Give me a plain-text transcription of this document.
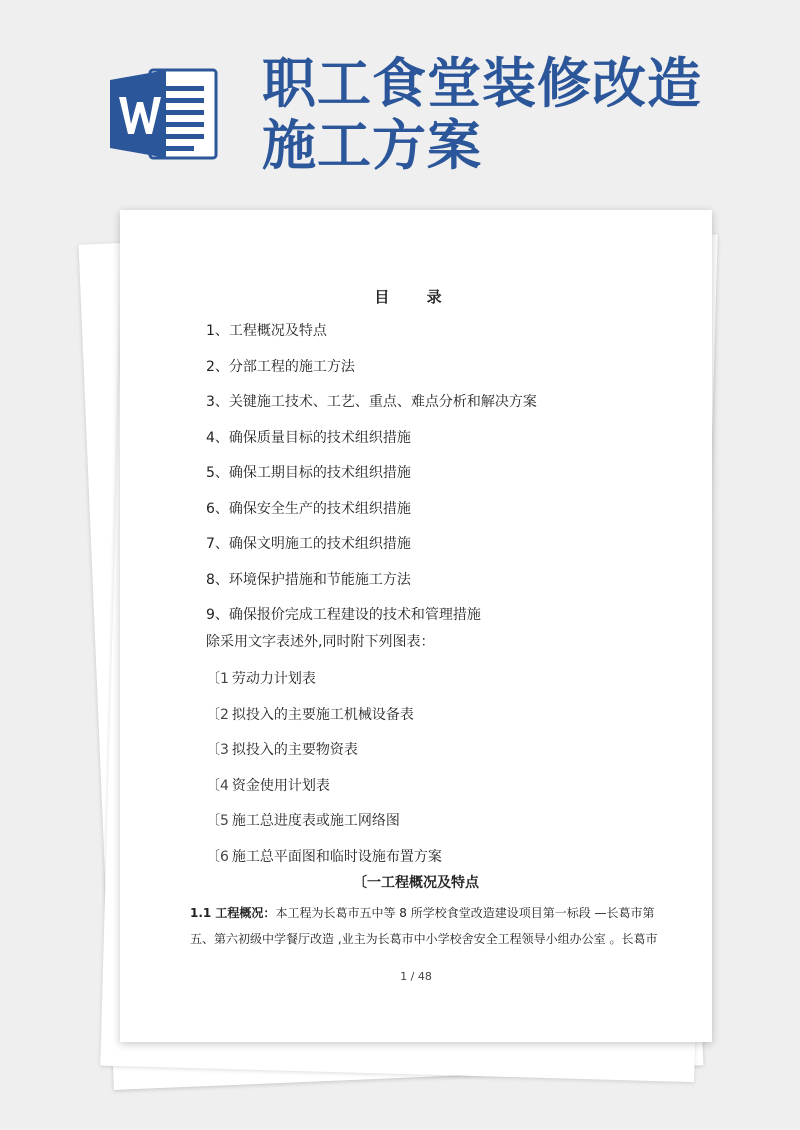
职工食堂装修改造
施工方案
目 录
1、工程概况及特点
2、分部工程的施工方法
3、关键施工技术、工艺、重点、难点分析和解决方案
4、确保质量目标的技术组织措施
5、确保工期目标的技术组织措施
6、确保安全生产的技术组织措施
7、确保文明施工的技术组织措施
8、环境保护措施和节能施工方法
9、确保报价完成工程建设的技术和管理措施
除采用文字表述外,同时附下列图表：
〔1 劳动力计划表
〔2 拟投入的主要施工机械设备表
〔3 拟投入的主要物资表
〔4 资金使用计划表
〔5 施工总进度表或施工网络图
〔6 施工总平面图和临时设施布置方案
〔一工程概况及特点

1.1 工程概况：本工程为长葛市五中等 8 所学校食堂改造建设项目第一标段 —长葛市第五、第六初级中学餐厅改造 ,业主为长葛市中小学校舍安全工程领导小组办公室 。长葛市

1 / 48
